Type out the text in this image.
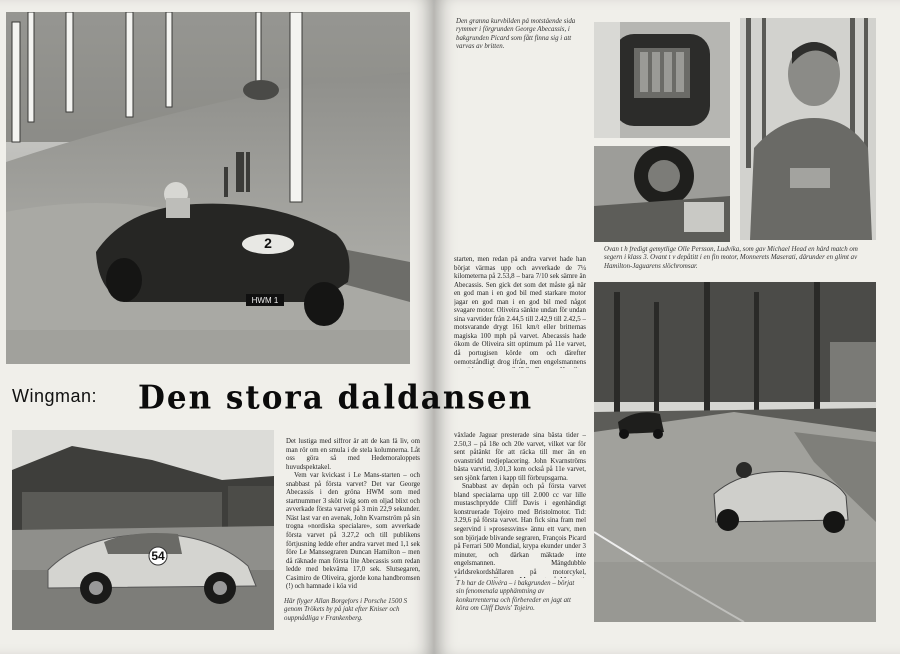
2
HWM 1
Wingman:
54

Det lustiga med siffror är att de kan få liv, om man rör om en smula i de stela kolumnerna. Låt oss göra så med Hedemoraloppets huvudspektakel.

Vem var kvickast i Le Mans-starten – och snabbast på första varvet? Det var George Abecassis i den gröna HWM som med startnummer 3 skött iväg som en oljad blixt och avverkade första varvet på 3 min 22,9 sekunder. Näst last var en avenak, John Kvarnström på sin trogna »nordiska specialare», som avverkade första varvet på 3.27,2 och till publikens förtjusning ledde efter andra varvet med 1,1 sek före Le Manssegraren Duncan Hamilton – men då räknade man första lite Abecassis som redan ledde med bekväma 17,0 sek. Slutsegaren, Casimiro de Oliveira, gjorde kona handbromsen (!) och hamnade i köa vid

Här flyger Allan Borgefors i Porsche 1500 S genom Trökets by på jakt efter Kniser och ouppnådliga v Frankenberg.
Den granna kurvbilden på motstående sida rymmer i förgrunden George Abecassis, i bakgrunden Picard som fått finna sig i att varvas av britten.
Ovan t h fredigt gemytlige Olle Persson, Ludvika, som gav Michael Head en hård match om segern i klass 3. Ovant t v depåtitt i en fin motor, Monnerets Maserati, därunder en glimt av Hamilton-Jaguarens slöchromsar.

starten, men redan på andra varvet hade han börjat värmas upp och avverkade de 7¼ kilometerna på 2.53,8 – bara 7/10 sek sämre än Abecassis. Sen gick det som det måste gå när en god man i en god bil med starkare motor jagar en god man i en god bil med något svagare motor. Oliveira sänkte undan för undan sina varvtider från 2.44,5 till 2.42,9 till 2.42,5 – motsvarande drygt 161 km/t eller britternas magiska 100 mph på varvet. Abecassis hade ökom de Oliveira sitt optimum på 11e varvet, då portugisen körde om och därefter oemotståndligt drog ifrån, men engelsmannens

växlade Jaguar presterade sina bästa tider – 2.50,3 – på 18e och 20e varvet, vilket var för sent påtänkt för att räcka till mer än en ovanstridd tredjeplacering. John Kvarnströms bästa varvtid, 3.01,3 kom också på 11e varvet, sen sjönk farten i kapp till förbrupsgarna.

Snabbast av depån och på första varvet bland specialarna upp till 2.000 cc var lille mustaschprydde Cliff Davis i egenhändigt konstruerade Tojeiro med Bristolmotor. Tid: 3.29,6 på första varvet. Han fick sina fram mel segervind i »prosessvins» ännu ett varv, men son björjade blivande segraren, François Picard på Ferrari 500 Mondial, krypa ekunder under 3 minuter, och därkan mäktade inte engelsmannen. Mängdubble vårldsrekordshållaren på motorcykel,

T h har de Olivéra – i bakgrunden – börjat sin fenomenala upphämtning av konkurrenterna och förbereder en jagt att köra om Cliff Davis' Tojeiro.
Den stora daldansen
